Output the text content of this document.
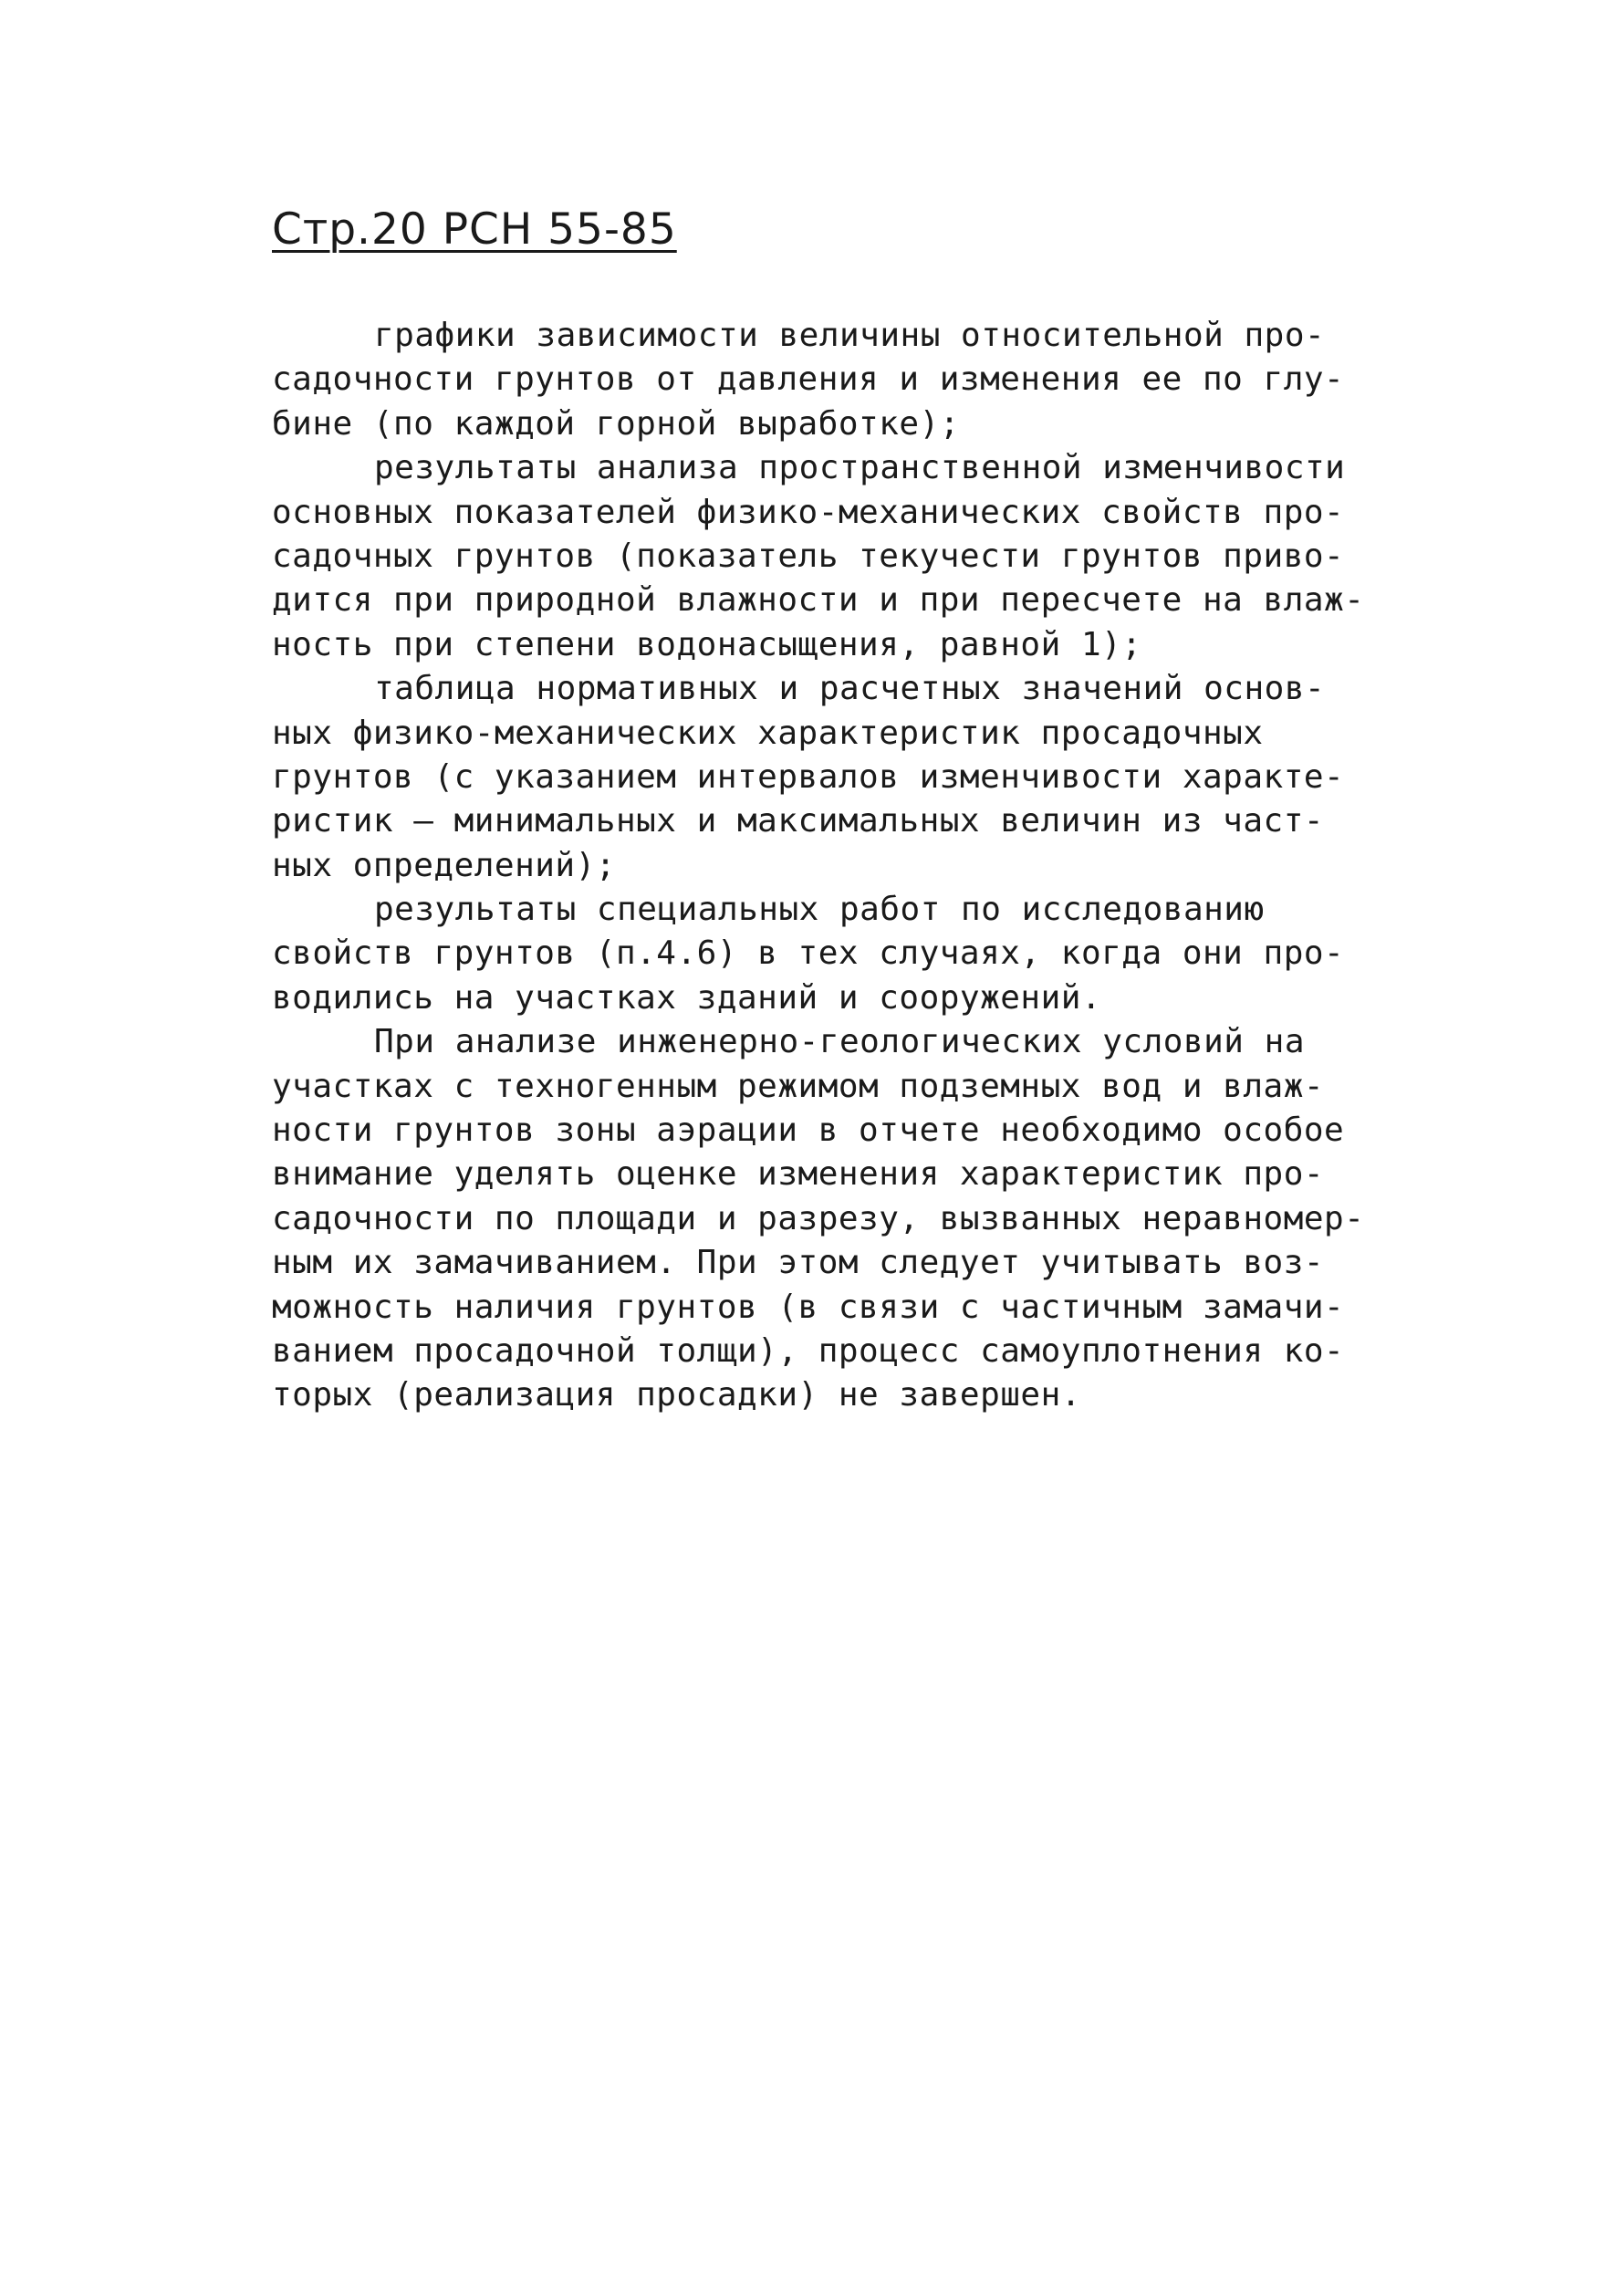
Стр.20 РСН 55-85
графики зависимости величины относительной про-
садочности грунтов от давления и изменения ее по глу-
бине (по каждой горной выработке);
результаты анализа пространственной изменчивости
основных показателей физико-механических свойств про-
садочных грунтов (показатель текучести грунтов приво-
дится при природной влажности и при пересчете на влаж-
ность при степени водонасыщения, равной 1);
таблица нормативных и расчетных значений основ-
ных физико-механических характеристик просадочных
грунтов (с указанием интервалов изменчивости характе-
ристик – минимальных и максимальных величин из част-
ных определений);
результаты специальных работ по исследованию
свойств грунтов (п.4.6) в тех случаях, когда они про-
водились на участках зданий и сооружений.
При анализе инженерно-геологических условий на
участках с техногенным режимом подземных вод и влаж-
ности грунтов зоны аэрации в отчете необходимо особое
внимание уделять оценке изменения характеристик про-
садочности по площади и разрезу, вызванных неравномер-
ным их замачиванием. При этом следует учитывать воз-
можность наличия грунтов (в связи с частичным замачи-
ванием просадочной толщи), процесс самоуплотнения ко-
торых (реализация просадки) не завершен.
